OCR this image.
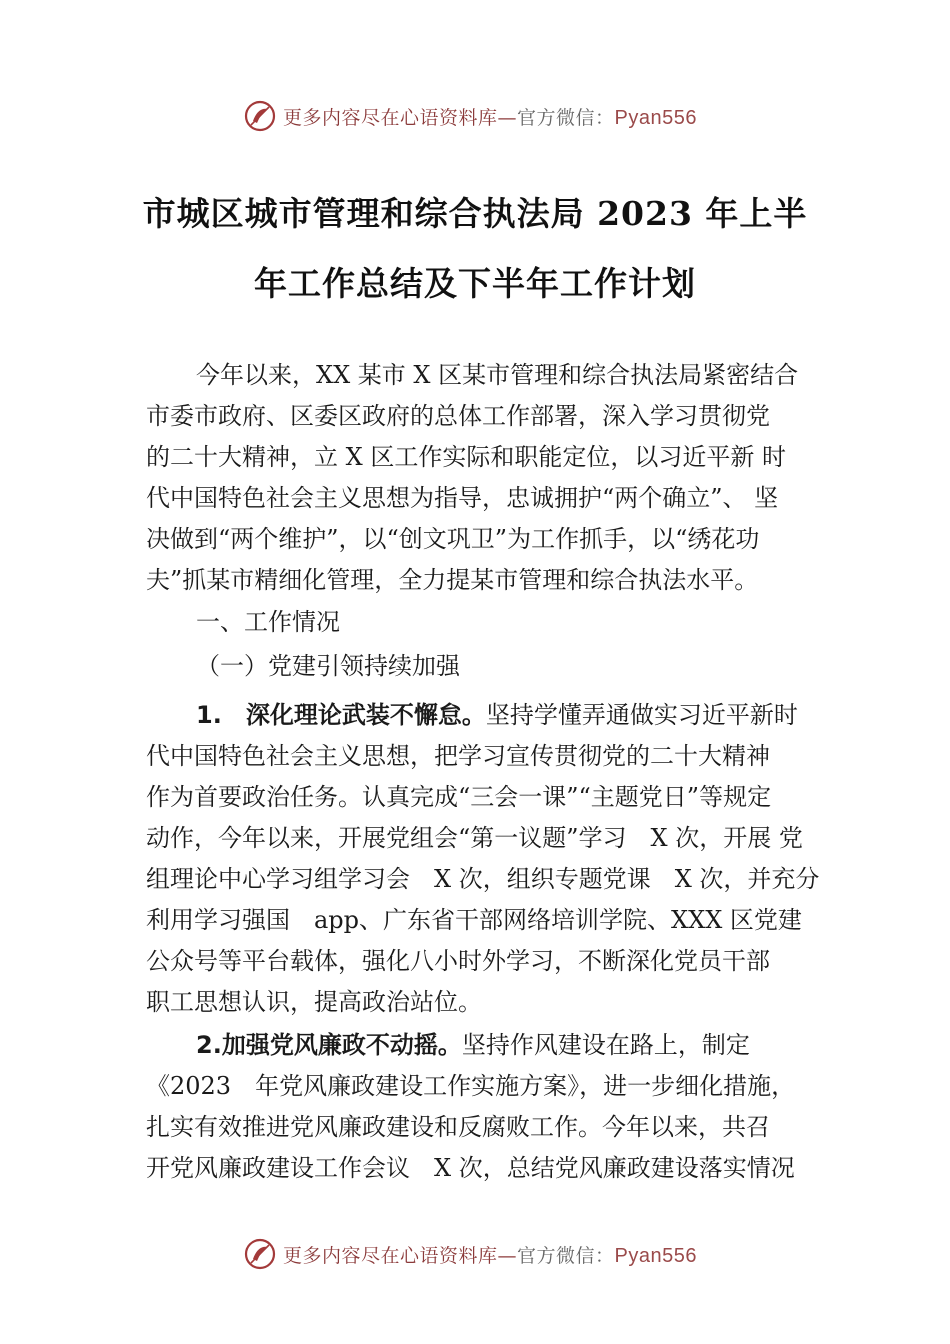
更多内容尽在心语资料库—官方微信：Pyan556
市城区城市管理和综合执法局 2023 年上半
年工作总结及下半年工作计划
今年以来，XX 某市 X 区某市管理和综合执法局紧密结合
市委市政府、区委区政府的总体工作部署，深入学习贯彻党
的二十大精神，立 X 区工作实际和职能定位，以习近平新 时
代中国特色社会主义思想为指导，忠诚拥护“两个确立”、 坚
决做到“两个维护”，以“创文巩卫”为工作抓手，以“绣花功
夫”抓某市精细化管理，全力提某市管理和综合执法水平。
一、工作情况
（一）党建引领持续加强
1.　深化理论武装不懈怠。坚持学懂弄通做实习近平新时
代中国特色社会主义思想，把学习宣传贯彻党的二十大精神
作为首要政治任务。认真完成“三会一课”“主题党日”等规定
动作，今年以来，开展党组会“第一议题”学习　X 次，开展 党
组理论中心学习组学习会　X 次，组织专题党课　X 次，并充分
利用学习强国　app、广东省干部网络培训学院、XXX 区党建
公众号等平台载体，强化八小时外学习，不断深化党员干部
职工思想认识，提高政治站位。
2.加强党风廉政不动摇。坚持作风建设在路上，制定
《2023　年党风廉政建设工作实施方案》，进一步细化措施，
扎实有效推进党风廉政建设和反腐败工作。今年以来，共召
开党风廉政建设工作会议　X 次，总结党风廉政建设落实情况
更多内容尽在心语资料库—官方微信：Pyan556
